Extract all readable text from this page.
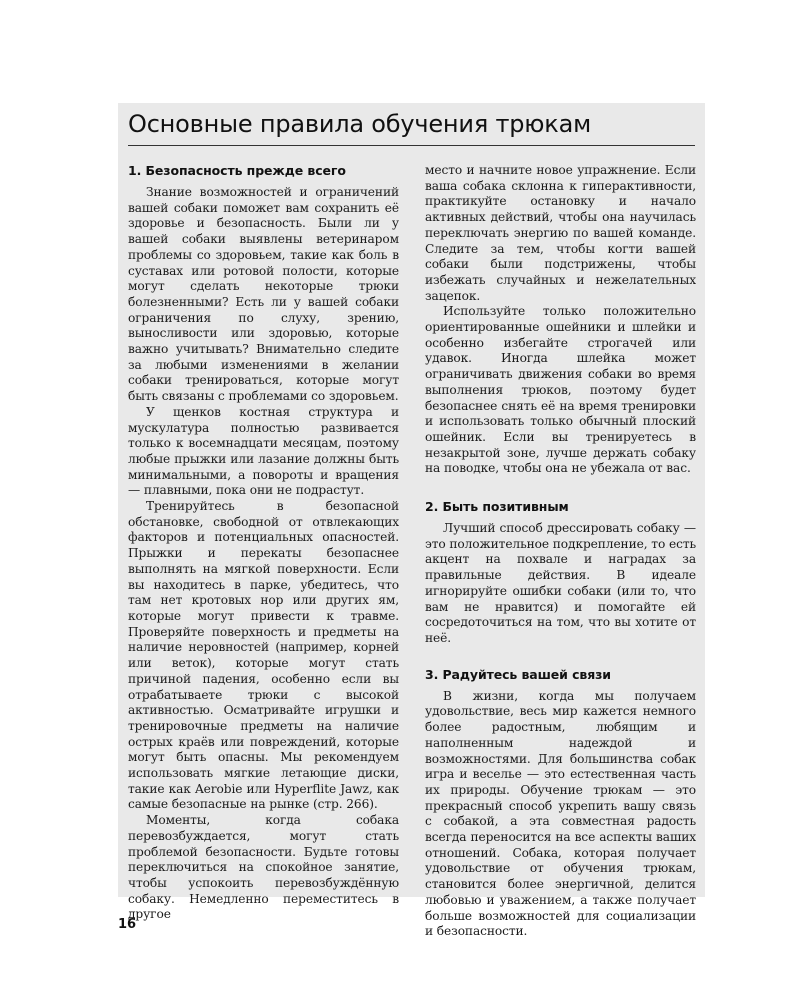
Основные правила обучения трюкам
1. Безопасность прежде всего

Знание возможностей и ограничений вашей собаки поможет вам сохранить её здоровье и безопасность. Были ли у вашей собаки выявлены ветеринаром проблемы со здоровьем, такие как боль в суставах или ротовой полости, которые могут сделать некоторые трюки болезненными? Есть ли у вашей собаки ограничения по слуху, зрению, выносливости или здоровью, которые важно учитывать? Внимательно следите за любыми изменениями в желании собаки тренироваться, которые могут быть связаны с проблемами со здоровьем.

У щенков костная структура и мускулатура полностью развивается только к восемнадцати месяцам, поэтому любые прыжки или лазание должны быть минимальными, а повороты и вращения — плавными, пока они не подрастут.

Тренируйтесь в безопасной обстановке, свободной от отвлекающих факторов и потенциальных опасностей. Прыжки и перекаты безопаснее выполнять на мягкой поверхности. Если вы находитесь в парке, убедитесь, что там нет кротовых нор или других ям, которые могут привести к травме. Проверяйте поверхность и предметы на наличие неровностей (например, корней или веток), которые могут стать причиной падения, особенно если вы отрабатываете трюки с высокой активностью. Осматривайте игрушки и тренировочные предметы на наличие острых краёв или повреждений, которые могут быть опасны. Мы рекомендуем использовать мягкие летающие диски, такие как Aerobie или Hyperflite Jawz, как самые безопасные на рынке (стр. 266).

Моменты, когда собака перевозбуждается, могут стать проблемой безопасности. Будьте готовы переключиться на спокойное занятие, чтобы успокоить перевозбуждённую собаку. Немедленно переместитесь в другое

место и начните новое упражнение. Если ваша собака склонна к гиперактивности, практикуйте остановку и начало активных действий, чтобы она научилась переключать энергию по вашей команде. Следите за тем, чтобы когти вашей собаки были подстрижены, чтобы избежать случайных и нежелательных зацепок.

Используйте только положительно ориентированные ошейники и шлейки и особенно избегайте строгачей или удавок. Иногда шлейка может ограничивать движения собаки во время выполнения трюков, поэтому будет безопаснее снять её на время тренировки и использовать только обычный плоский ошейник. Если вы тренируетесь в незакрытой зоне, лучше держать собаку на поводке, чтобы она не убежала от вас.

2. Быть позитивным

Лучший способ дрессировать собаку — это положительное подкрепление, то есть акцент на похвале и наградах за правильные действия. В идеале игнорируйте ошибки собаки (или то, что вам не нравится) и помогайте ей сосредоточиться на том, что вы хотите от неё.

3. Радуйтесь вашей связи

В жизни, когда мы получаем удовольствие, весь мир кажется немного более радостным, любящим и наполненным надеждой и возможностями. Для большинства собак игра и веселье — это естественная часть их природы. Обучение трюкам — это прекрасный способ укрепить вашу связь с собакой, а эта совместная радость всегда переносится на все аспекты ваших отношений. Собака, которая получает удовольствие от обучения трюкам, становится более энергичной, делится любовью и уважением, а также получает больше возможностей для социализации и безопасности.

16
